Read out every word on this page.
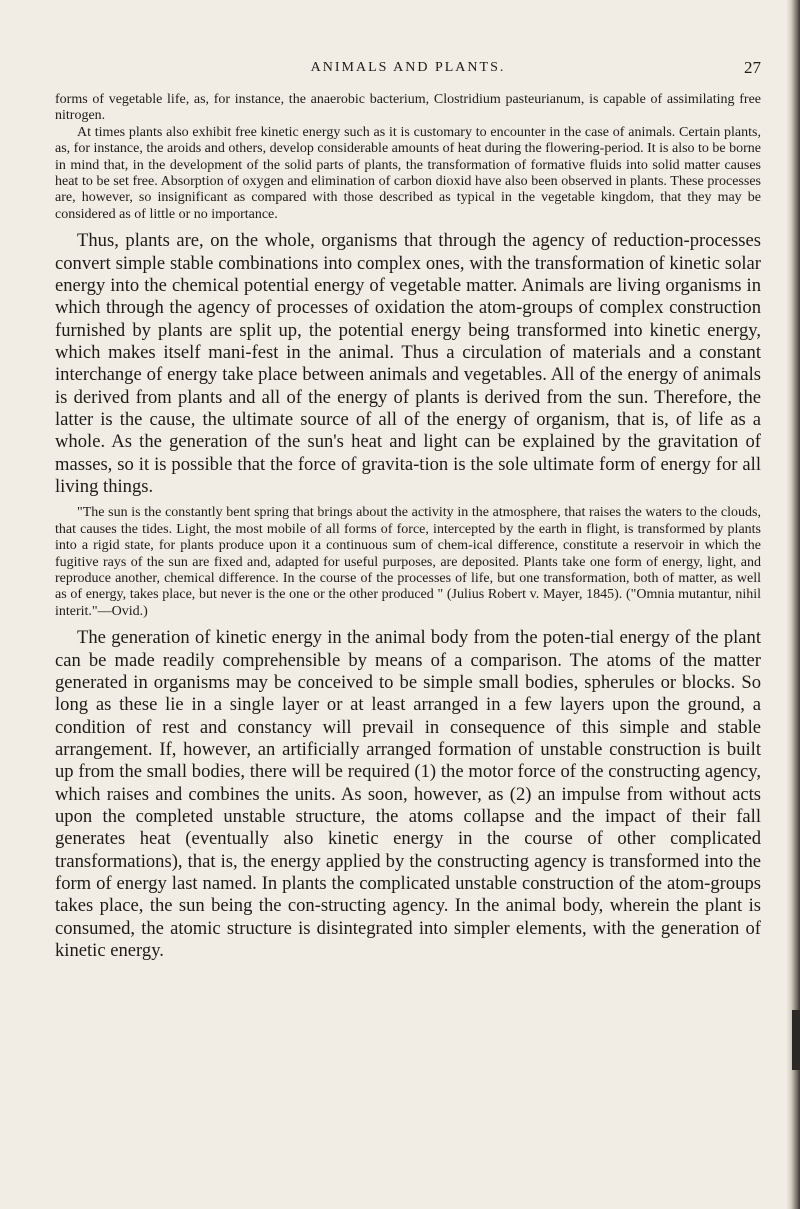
ANIMALS AND PLANTS.	27

forms of vegetable life, as, for instance, the anaerobic bacterium, Clostridium pasteurianum, is capable of assimilating free nitrogen.

At times plants also exhibit free kinetic energy such as it is customary to encounter in the case of animals. Certain plants, as, for instance, the aroids and others, develop considerable amounts of heat during the flowering-period. It is also to be borne in mind that, in the development of the solid parts of plants, the transformation of formative fluids into solid matter causes heat to be set free. Absorption of oxygen and elimination of carbon dioxid have also been observed in plants. These processes are, however, so insignificant as compared with those described as typical in the vegetable kingdom, that they may be considered as of little or no importance.

Thus, plants are, on the whole, organisms that through the agency of reduction-processes convert simple stable combinations into complex ones, with the transformation of kinetic solar energy into the chemical potential energy of vegetable matter. Animals are living organisms in which through the agency of processes of oxidation the atom-groups of complex construction furnished by plants are split up, the potential energy being transformed into kinetic energy, which makes itself mani-fest in the animal. Thus a circulation of materials and a constant interchange of energy take place between animals and vegetables. All of the energy of animals is derived from plants and all of the energy of plants is derived from the sun. Therefore, the latter is the cause, the ultimate source of all of the energy of organism, that is, of life as a whole. As the generation of the sun's heat and light can be explained by the gravitation of masses, so it is possible that the force of gravita-tion is the sole ultimate form of energy for all living things.

"The sun is the constantly bent spring that brings about the activity in the atmosphere, that raises the waters to the clouds, that causes the tides. Light, the most mobile of all forms of force, intercepted by the earth in flight, is transformed by plants into a rigid state, for plants produce upon it a continuous sum of chem-ical difference, constitute a reservoir in which the fugitive rays of the sun are fixed and, adapted for useful purposes, are deposited. Plants take one form of energy, light, and reproduce another, chemical difference. In the course of the processes of life, but one transformation, both of matter, as well as of energy, takes place, but never is the one or the other produced " (Julius Robert v. Mayer, 1845). ("Omnia mutantur, nihil interit."—Ovid.)

The generation of kinetic energy in the animal body from the poten-tial energy of the plant can be made readily comprehensible by means of a comparison. The atoms of the matter generated in organisms may be conceived to be simple small bodies, spherules or blocks. So long as these lie in a single layer or at least arranged in a few layers upon the ground, a condition of rest and constancy will prevail in consequence of this simple and stable arrangement. If, however, an artificially arranged formation of unstable construction is built up from the small bodies, there will be required (1) the motor force of the constructing agency, which raises and combines the units. As soon, however, as (2) an impulse from without acts upon the completed unstable structure, the atoms collapse and the impact of their fall generates heat (eventually also kinetic energy in the course of other complicated transformations), that is, the energy applied by the constructing agency is transformed into the form of energy last named. In plants the complicated unstable construction of the atom-groups takes place, the sun being the con-structing agency. In the animal body, wherein the plant is consumed, the atomic structure is disintegrated into simpler elements, with the generation of kinetic energy.
